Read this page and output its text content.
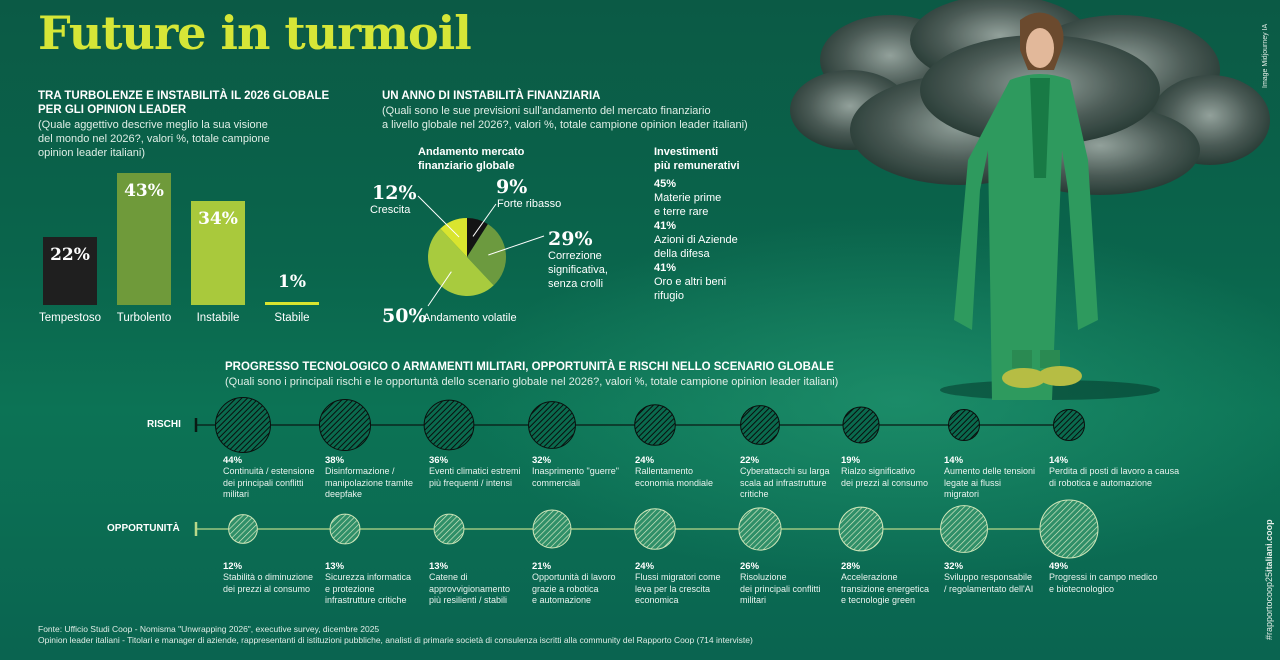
Future in turmoil	Image Midjourney IA
#rapportocoop25italiani.coop
TRA TURBOLENZE E INSTABILITÀ IL 2026 GLOBALE
PER GLI OPINION LEADER
(Quale aggettivo descrive meglio la sua visione
del mondo nel 2026?, valori %, totale campione
opinion leader italiani)
22%
Tempestoso
43%
Turbolento
34%
Instabile
1%
Stabile
UN ANNO DI INSTABILITÀ FINANZIARIA
(Quali sono le sue previsioni sull'andamento del mercato finanziario
a livello globale nel 2026?, valori %, totale campione opinion leader italiani)
Andamento mercato
finanziario globale
9%
Forte ribasso
29%
Correzione
significativa,
senza crolli
50%
Andamento volatile
12%
Crescita
Investimenti
più remunerativi
45%
Materie prime
e terre rare
41%
Azioni di Aziende
della difesa
41%
Oro e altri beni
rifugio
PROGRESSO TECNOLOGICO O ARMAMENTI MILITARI, OPPORTUNITÀ E RISCHI NELLO SCENARIO GLOBALE
(Quali sono i principali rischi e le opportuntà dello scenario globale nel 2026?, valori %, totale campione opinion leader italiani)
RISCHI
OPPORTUNITÀ
44%
Continuità / estensione
dei principali conflitti
militari
38%
Disinformazione /
manipolazione tramite
deepfake
36%
Eventi climatici estremi
più frequenti / intensi
32%
Inasprimento "guerre"
commerciali
24%
Rallentamento
economia mondiale
22%
Cyberattacchi su larga
scala ad infrastrutture
critiche
19%
Rialzo significativo
dei prezzi al consumo
14%
Aumento delle tensioni
legate ai flussi
migratori
14%
Perdita di posti di lavoro a causa
di robotica e automazione
12%
Stabilità o diminuzione
dei prezzi al consumo
13%
Sicurezza informatica
e protezione
infrastrutture critiche
13%
Catene di
approvvigionamento
più resilienti / stabili
21%
Opportunità di lavoro
grazie a robotica
e automazione
24%
Flussi migratori come
leva per la crescita
economica
26%
Risoluzione
dei principali conflitti
militari
28%
Accelerazione
transizione energetica
e tecnologie green
32%
Sviluppo responsabile
/ regolamentato dell'AI
49%
Progressi in campo medico
e biotecnologico
Fonte: Ufficio Studi Coop - Nomisma "Unwrapping 2026", executive survey, dicembre 2025
Opinion leader italiani - Titolari e manager di aziende, rappresentanti di istituzioni pubbliche, analisti di primarie società di consulenza iscritti alla community del Rapporto Coop (714 interviste)
